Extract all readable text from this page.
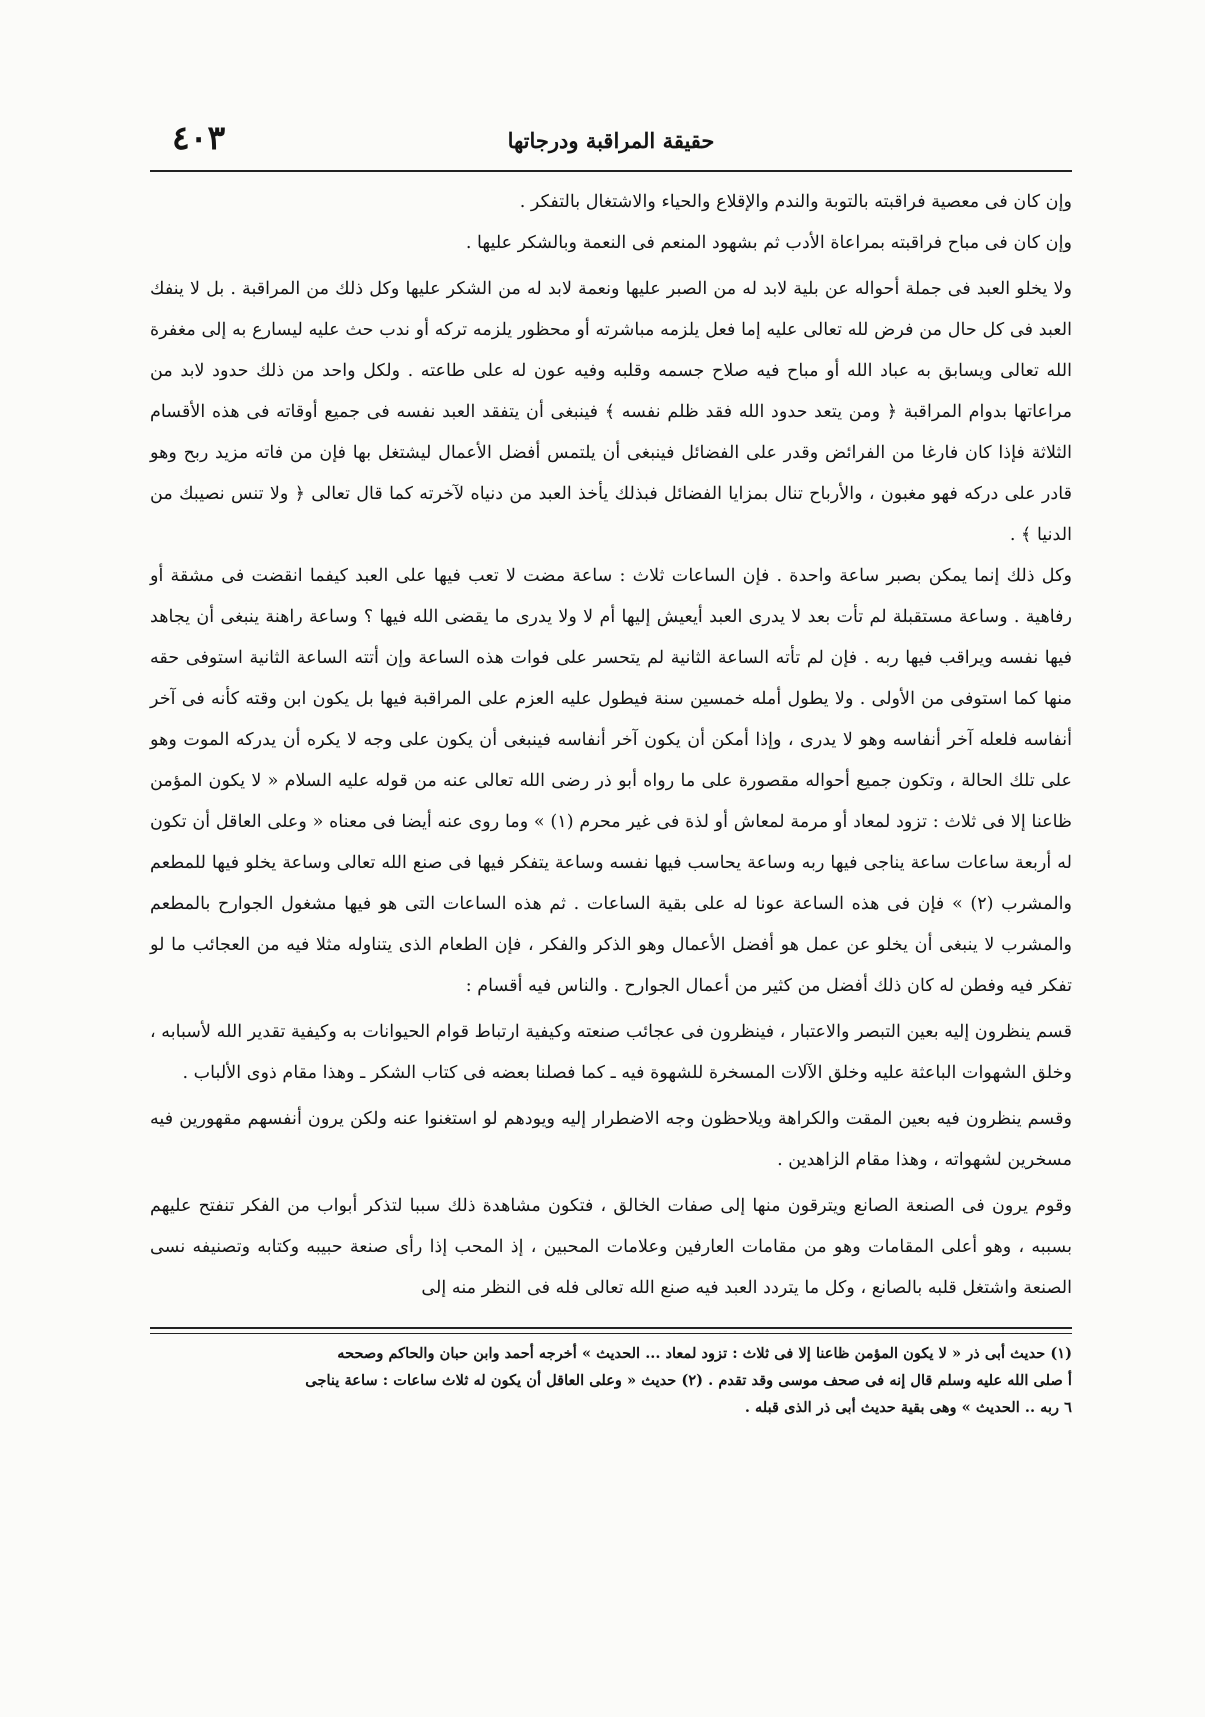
حقيقة المراقبة ودرجاتها
٤٠٣

وإن كان فى معصية فراقبته بالتوبة والندم والإقلاع والحياء والاشتغال بالتفكر .

وإن كان فى مباح فراقبته بمراعاة الأدب ثم بشهود المنعم فى النعمة وبالشكر عليها .

ولا يخلو العبد فى جملة أحواله عن بلية لابد له من الصبر عليها ونعمة لابد له من الشكر عليها وكل ذلك من المراقبة . بل لا ينفك العبد فى كل حال من فرض لله تعالى عليه إما فعل يلزمه مباشرته أو محظور يلزمه تركه أو ندب حث عليه ليسارع به إلى مغفرة الله تعالى ويسابق به عباد الله أو مباح فيه صلاح جسمه وقلبه وفيه عون له على طاعته . ولكل واحد من ذلك حدود لابد من مراعاتها بدوام المراقبة ﴿ ومن يتعد حدود الله فقد ظلم نفسه ﴾ فينبغى أن يتفقد العبد نفسه فى جميع أوقاته فى هذه الأقسام الثلاثة فإذا كان فارغا من الفرائض وقدر على الفضائل فينبغى أن يلتمس أفضل الأعمال ليشتغل بها فإن من فاته مزيد ربح وهو قادر على دركه فهو مغبون ، والأرباح تنال بمزايا الفضائل فبذلك يأخذ العبد من دنياه لآخرته كما قال تعالى ﴿ ولا تنس نصيبك من الدنيا ﴾ .

وكل ذلك إنما يمكن بصبر ساعة واحدة . فإن الساعات ثلاث : ساعة مضت لا تعب فيها على العبد كيفما انقضت فى مشقة أو رفاهية . وساعة مستقبلة لم تأت بعد لا يدرى العبد أيعيش إليها أم لا ولا يدرى ما يقضى الله فيها ؟ وساعة راهنة ينبغى أن يجاهد فيها نفسه ويراقب فيها ربه . فإن لم تأته الساعة الثانية لم يتحسر على فوات هذه الساعة وإن أتته الساعة الثانية استوفى حقه منها كما استوفى من الأولى . ولا يطول أمله خمسين سنة فيطول عليه العزم على المراقبة فيها بل يكون ابن وقته كأنه فى آخر أنفاسه فلعله آخر أنفاسه وهو لا يدرى ، وإذا أمكن أن يكون آخر أنفاسه فينبغى أن يكون على وجه لا يكره أن يدركه الموت وهو على تلك الحالة ، وتكون جميع أحواله مقصورة على ما رواه أبو ذر رضى الله تعالى عنه من قوله عليه السلام « لا يكون المؤمن ظاعنا إلا فى ثلاث : تزود لمعاد أو مرمة لمعاش أو لذة فى غير محرم (١) » وما روى عنه أيضا فى معناه « وعلى العاقل أن تكون له أربعة ساعات ساعة يناجى فيها ربه وساعة يحاسب فيها نفسه وساعة يتفكر فيها فى صنع الله تعالى وساعة يخلو فيها للمطعم والمشرب (٢) » فإن فى هذه الساعة عونا له على بقية الساعات . ثم هذه الساعات التى هو فيها مشغول الجوارح بالمطعم والمشرب لا ينبغى أن يخلو عن عمل هو أفضل الأعمال وهو الذكر والفكر ، فإن الطعام الذى يتناوله مثلا فيه من العجائب ما لو تفكر فيه وفطن له كان ذلك أفضل من كثير من أعمال الجوارح . والناس فيه أقسام :

قسم ينظرون إليه بعين التبصر والاعتبار ، فينظرون فى عجائب صنعته وكيفية ارتباط قوام الحيوانات به وكيفية تقدير الله لأسبابه ، وخلق الشهوات الباعثة عليه وخلق الآلات المسخرة للشهوة فيه ـ كما فصلنا بعضه فى كتاب الشكر ـ وهذا مقام ذوى الألباب .

وقسم ينظرون فيه بعين المقت والكراهة ويلاحظون وجه الاضطرار إليه ويودهم لو استغنوا عنه ولكن يرون أنفسهم مقهورين فيه مسخرين لشهواته ، وهذا مقام الزاهدين .

وقوم يرون فى الصنعة الصانع ويترقون منها إلى صفات الخالق ، فتكون مشاهدة ذلك سببا لتذكر أبواب من الفكر تنفتح عليهم بسببه ، وهو أعلى المقامات وهو من مقامات العارفين وعلامات المحبين ، إذ المحب إذا رأى صنعة حبيبه وكتابه وتصنيفه نسى الصنعة واشتغل قلبه بالصانع ، وكل ما يتردد العبد فيه صنع الله تعالى فله فى النظر منه إلى

(١) حديث أبى ذر « لا يكون المؤمن ظاعنا إلا فى ثلاث : تزود لمعاد ... الحديث » أخرجه أحمد وابن حبان والحاكم وصححه

أ صلى الله عليه وسلم قال إنه فى صحف موسى وقد تقدم . (٢) حديث « وعلى العاقل أن يكون له ثلاث ساعات : ساعة يناجى

٦ ربه .. الحديث » وهى بقية حديث أبى ذر الذى قبله .
